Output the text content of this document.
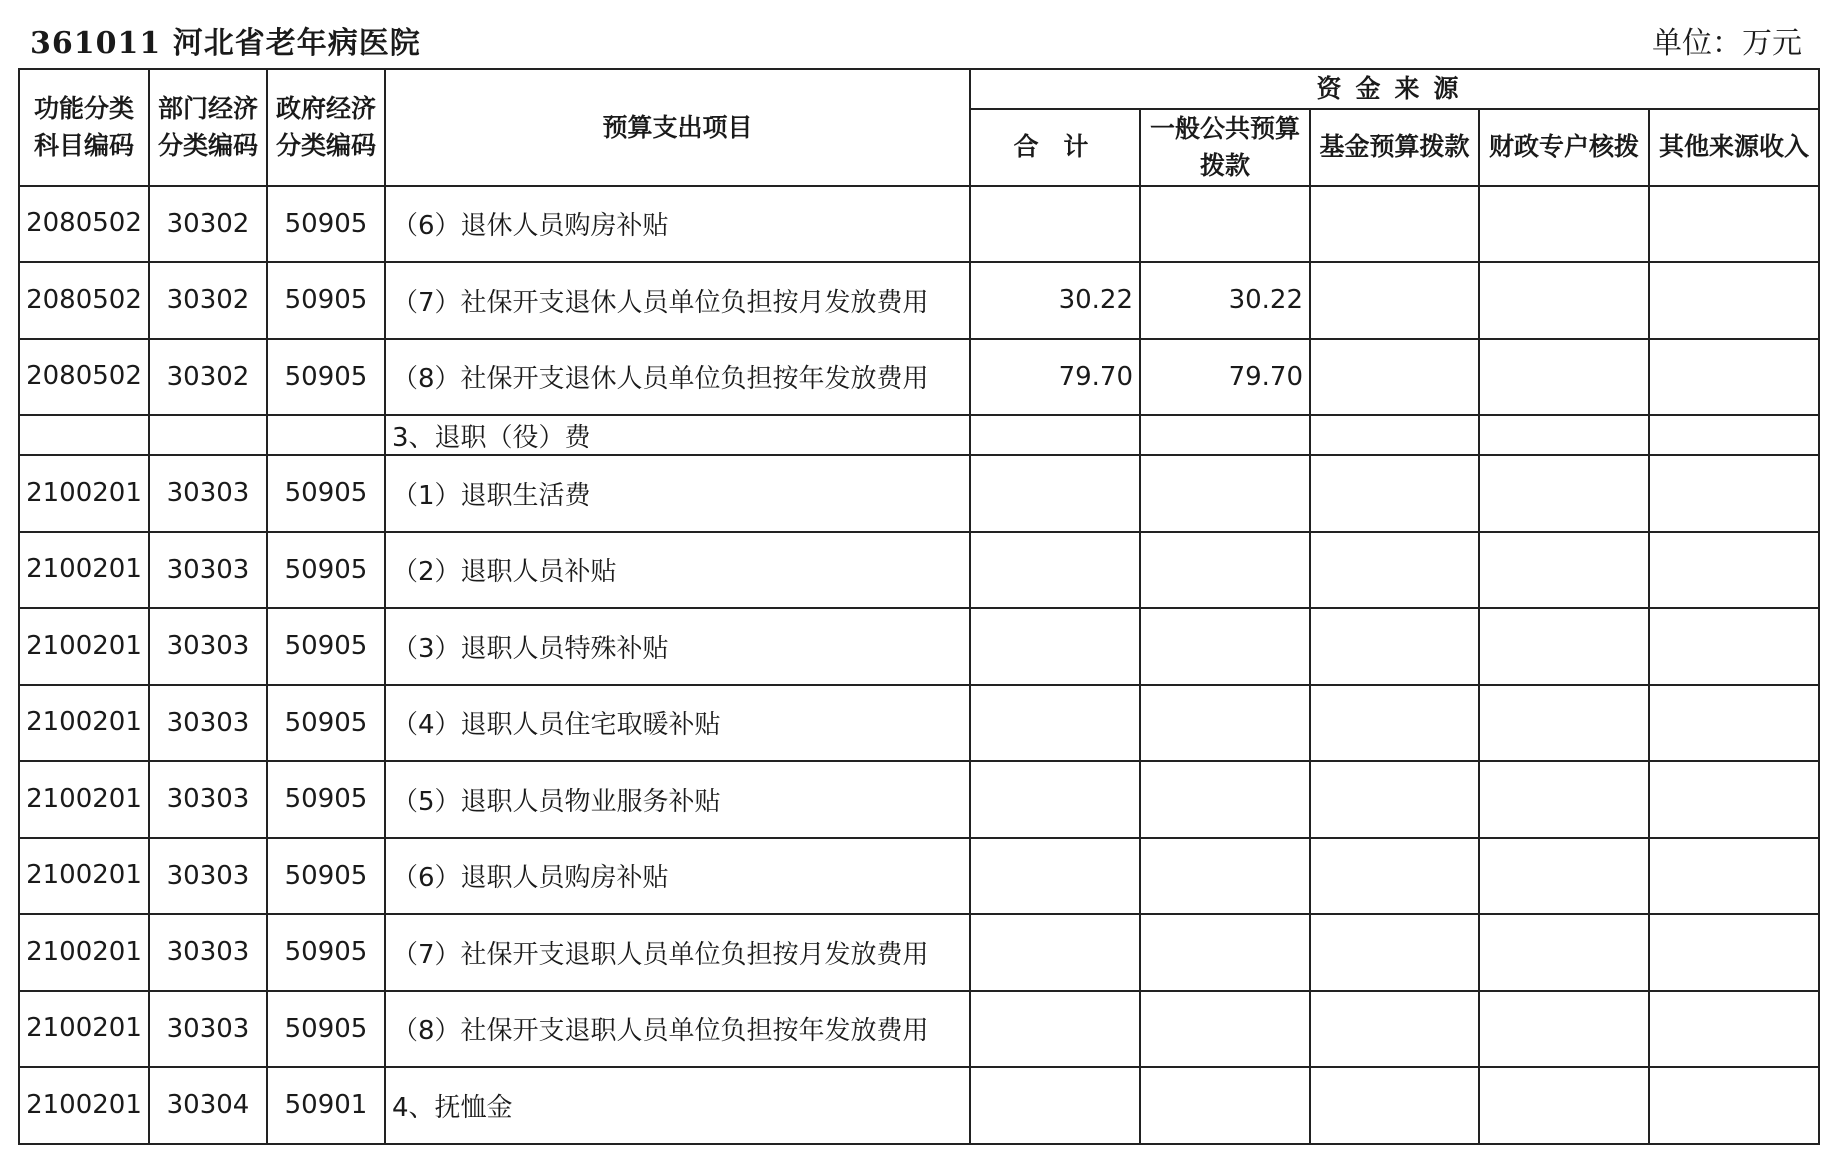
361011 河北省老年病医院	单位：万元
功能分类科目编码	部门经济分类编码	政府经济分类编码	预算支出项目	资金来源				
				合 计	一般公共预算拨款	基金预算拨款	财政专户核拨	其他来源收入
2080502	30302	50905	（6）退休人员购房补贴					
2080502	30302	50905	（7）社保开支退休人员单位负担按月发放费用	30.22	30.22			
2080502	30302	50905	（8）社保开支退休人员单位负担按年发放费用	79.70	79.70			
			3、退职（役）费					
2100201	30303	50905	（1）退职生活费					
2100201	30303	50905	（2）退职人员补贴					
2100201	30303	50905	（3）退职人员特殊补贴					
2100201	30303	50905	（4）退职人员住宅取暖补贴					
2100201	30303	50905	（5）退职人员物业服务补贴					
2100201	30303	50905	（6）退职人员购房补贴					
2100201	30303	50905	（7）社保开支退职人员单位负担按月发放费用					
2100201	30303	50905	（8）社保开支退职人员单位负担按年发放费用					
2100201	30304	50901	4、抚恤金					
